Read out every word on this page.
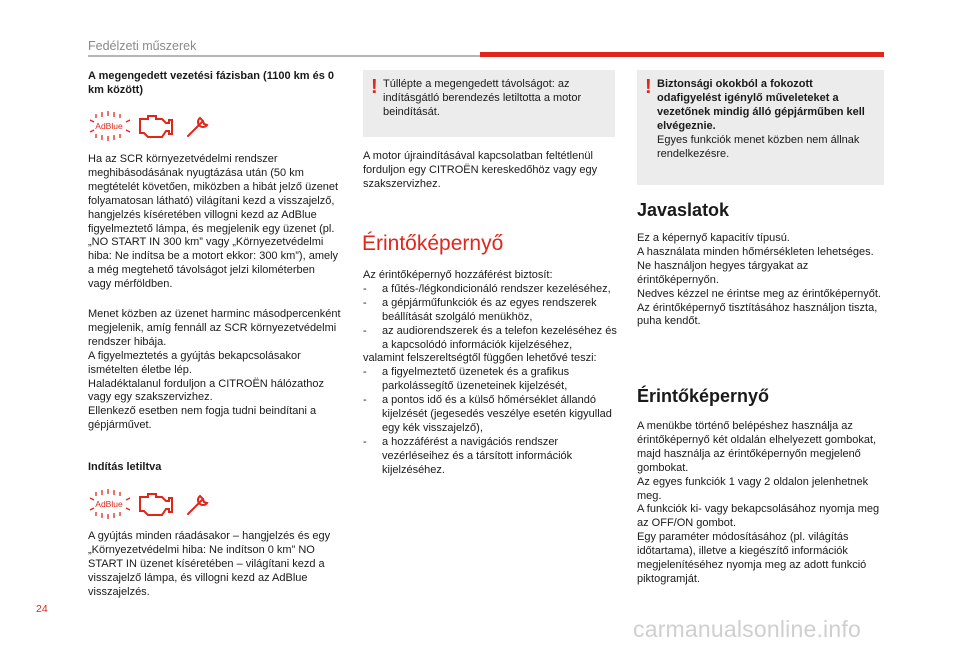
Fedélzeti műszerek

A megengedett vezetési fázisban (1100 km és 0 km között)

AdBlue

Ha az SCR környezetvédelmi rendszer meghibásodásának nyugtázása után (50 km megtételét követően, miközben a hibát jelző üzenet folyamatosan látható) világítani kezd a visszajelző, hangjelzés kíséretében villogni kezd az AdBlue figyelmeztető lámpa, és megjelenik egy üzenet (pl. „NO START IN 300 km” vagy „Környezetvédelmi hiba: Ne indítsa be a motort ekkor: 300 km”), amely a még megtehető távolságot jelzi kilométerben vagy mérföldben.

Menet közben az üzenet harminc másodpercenként megjelenik, amíg fennáll az SCR környezetvédelmi rendszer hibája.
A figyelmeztetés a gyújtás bekapcsolásakor ismételten életbe lép.
Haladéktalanul forduljon a CITROËN hálózathoz vagy egy szakszervizhez.
Ellenkező esetben nem fogja tudni beindítani a gépjárművet.

Indítás letiltva

AdBlue

A gyújtás minden ráadásakor – hangjelzés és egy „Környezetvédelmi hiba: Ne indítson 0 km” NO START IN üzenet kíséretében – világítani kezd a visszajelző lámpa, és villogni kezd az AdBlue visszajelzés.

! Túllépte a megengedett távolságot: az indításgátló berendezés letiltotta a motor beindítását.

A motor újraindításával kapcsolatban feltétlenül forduljon egy CITROËN kereskedőhöz vagy egy szakszervizhez.

Érintőképernyő

Az érintőképernyő hozzáférést biztosít:

- a fűtés-/légkondicionáló rendszer kezeléséhez,
- a gépjárműfunkciók és az egyes rendszerek beállítását szolgáló menükhöz,
- az audiorendszerek és a telefon kezeléséhez és a kapcsolódó információk kijelzéséhez,

valamint felszereltségtől függően lehetővé teszi:

- a figyelmeztető üzenetek és a grafikus parkolássegítő üzeneteinek kijelzését,
- a pontos idő és a külső hőmérséklet állandó kijelzését (jegesedés veszélye esetén kigyullad egy kék visszajelző),
- a hozzáférést a navigációs rendszer vezérléseihez és a társított információk kijelzéséhez.
! Biztonsági okokból a fokozott odafigyelést igénylő műveleteket a vezetőnek mindig álló gépjárműben kell elvégeznie.
Egyes funkciók menet közben nem állnak rendelkezésre.
Javaslatok

Ez a képernyő kapacitív típusú.
A használata minden hőmérsékleten lehetséges.
Ne használjon hegyes tárgyakat az érintőképernyőn.
Nedves kézzel ne érintse meg az érintőképernyőt.
Az érintőképernyő tisztításához használjon tiszta, puha kendőt.

Érintőképernyő

A menükbe történő belépéshez használja az érintőképernyő két oldalán elhelyezett gombokat, majd használja az érintőképernyőn megjelenő gombokat.
Az egyes funkciók 1 vagy 2 oldalon jelenhetnek meg.
A funkciók ki- vagy bekapcsolásához nyomja meg az OFF/ON gombot.
Egy paraméter módosításához (pl. világítás időtartama), illetve a kiegészítő információk megjelenítéséhez nyomja meg az adott funkció piktogramját.

24
carmanualsonline.info
